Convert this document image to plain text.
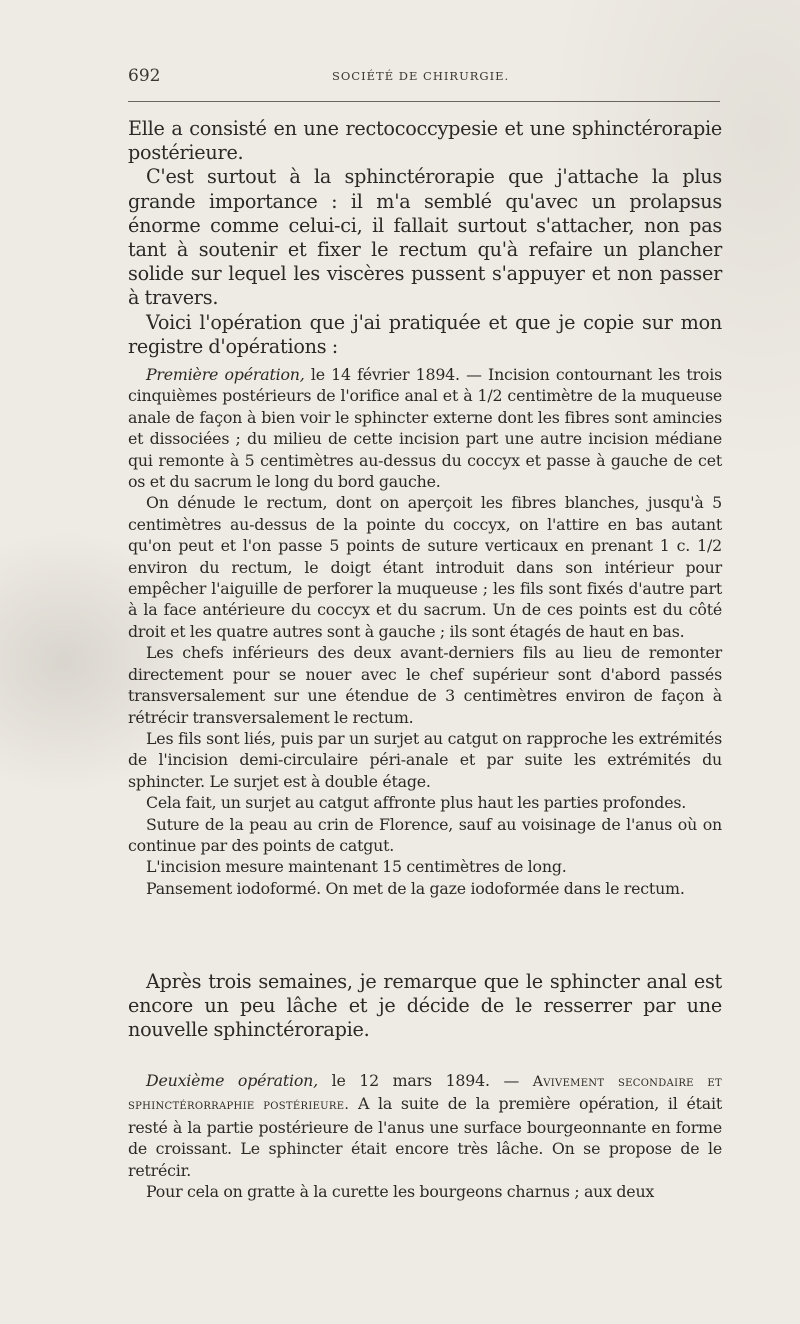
692	SOCIÉTÉ DE CHIRURGIE.

Elle a consisté en une rectococcypesie et une sphinctérorapie postérieure.

C'est surtout à la sphinctérorapie que j'attache la plus grande importance : il m'a semblé qu'avec un prolapsus énorme comme celui-ci, il fallait surtout s'attacher, non pas tant à soutenir et fixer le rectum qu'à refaire un plancher solide sur lequel les viscères pussent s'appuyer et non passer à travers.

Voici l'opération que j'ai pratiquée et que je copie sur mon registre d'opérations :

Première opération, le 14 février 1894. — Incision contournant les trois cinquièmes postérieurs de l'orifice anal et à 1/2 centimètre de la muqueuse anale de façon à bien voir le sphincter externe dont les fibres sont amincies et dissociées ; du milieu de cette incision part une autre incision médiane qui remonte à 5 centimètres au-dessus du coccyx et passe à gauche de cet os et du sacrum le long du bord gauche.

On dénude le rectum, dont on aperçoit les fibres blanches, jusqu'à 5 centimètres au-dessus de la pointe du coccyx, on l'attire en bas autant qu'on peut et l'on passe 5 points de suture verticaux en prenant 1 c. 1/2 environ du rectum, le doigt étant introduit dans son intérieur pour empêcher l'aiguille de perforer la muqueuse ; les fils sont fixés d'autre part à la face antérieure du coccyx et du sacrum. Un de ces points est du côté droit et les quatre autres sont à gauche ; ils sont étagés de haut en bas.

Les chefs inférieurs des deux avant-derniers fils au lieu de remonter directement pour se nouer avec le chef supérieur sont d'abord passés transversalement sur une étendue de 3 centimètres environ de façon à rétrécir transversalement le rectum.

Les fils sont liés, puis par un surjet au catgut on rapproche les extrémités de l'incision demi-circulaire péri-anale et par suite les extrémités du sphincter. Le surjet est à double étage.

Cela fait, un surjet au catgut affronte plus haut les parties profondes.

Suture de la peau au crin de Florence, sauf au voisinage de l'anus où on continue par des points de catgut.

L'incision mesure maintenant 15 centimètres de long.

Pansement iodoformé. On met de la gaze iodoformée dans le rectum.

Après trois semaines, je remarque que le sphincter anal est encore un peu lâche et je décide de le resserrer par une nouvelle sphinctérorapie.

Deuxième opération, le 12 mars 1894. — Avivement secondaire et sphinctérorraphie postérieure. A la suite de la première opération, il était resté à la partie postérieure de l'anus une surface bourgeonnante en forme de croissant. Le sphincter était encore très lâche. On se propose de le retrécir.

Pour cela on gratte à la curette les bourgeons charnus ; aux deux
